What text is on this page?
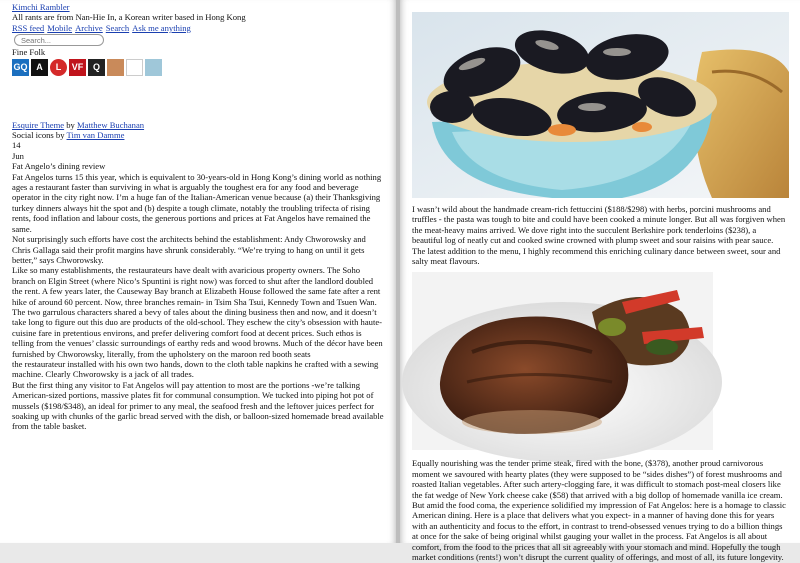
Kimchi Rambler
All rants are from Nan-Hie In, a Korean writer based in Hong Kong
RSS feed Mobile Archive Search Ask me anything
Search...
Fine Folk
GQ A	L	VF	Q
Esquire Theme by Matthew Buchanan
Social icons by Tim van Damme
14
Jun
Fat Angelo’s dining review

Fat Angelos turns 15 this year, which is equivalent to 30-years-old in Hong Kong’s dining world as nothing ages a restaurant faster than surviving in what is arguably the toughest era for any food and beverage operator in the city right now. I’m a huge fan of the Italian-American venue because (a) their Thanksgiving turkey dinners always hit the spot and (b) despite a tough climate, notably the troubling trifecta of rising rents, food inflation and labour costs, the generous portions and prices at Fat Angelos have remained the same.

Not surprisingly such efforts have cost the architects behind the establishment: Andy Chworowsky and Chris Gallaga said their profit margins have shrunk considerably. “We’re trying to hang on until it gets better,” says Chworowsky.

Like so many establishments, the restaurateurs have dealt with avaricious property owners. The Soho branch on Elgin Street (where Nico’s Spuntini is right now) was forced to shut after the landlord doubled the rent. A few years later, the Causeway Bay branch at Elizabeth House followed the same fate after a rent hike of around 60 percent. Now, three branches remain- in Tsim Sha Tsui, Kennedy Town and Tsuen Wan.

The two garrulous characters shared a bevy of tales about the dining business then and now, and it doesn’t take long to figure out this duo are products of the old-school. They eschew the city’s obsession with haute-cuisine fare in pretentious environs, and prefer delivering comfort food at decent prices. Such ethos is telling from the venues’ classic surroundings of earthy reds and wood browns. Much of the décor have been furnished by Chworowsky, literally, from the upholstery on the maroon red booth seats

the restaurateur installed with his own two hands, down to the cloth table napkins he crafted with a sewing machine. Clearly Chworowsky is a jack of all trades.

But the first thing any visitor to Fat Angelos will pay attention to most are the portions -we’re talking American-sized portions, massive plates fit for communal consumption. We tucked into piping hot pot of mussels ($198/$348), an ideal for primer to any meal, the seafood fresh and the leftover juices perfect for soaking up with chunks of the garlic bread served with the dish, or balloon-sized homemade bread available from the table basket.

I wasn’t wild about the handmade cream-rich fettuccini ($188/$298) with herbs, porcini mushrooms and truffles - the pasta was tough to bite and could have been cooked a minute longer. But all was forgiven when the meat-heavy mains arrived. We dove right into the succulent Berkshire pork tenderloins ($238), a beautiful log of neatly cut and cooked swine crowned with plump sweet and sour raisins with pear sauce. The latest addition to the menu, I highly recommend this enriching culinary dance between sweet, sour and salty meat flavours.

Equally nourishing was the tender prime steak, fired with the bone, ($378), another proud carnivorous moment we savoured with hearty plates (they were supposed to be “sides dishes”) of forest mushrooms and roasted Italian vegetables. After such artery-clogging fare, it was difficult to stomach post-meal closers like the fat wedge of New York cheese cake ($58) that arrived with a big dollop of homemade vanilla ice cream. But amid the food coma, the experience solidified my impression of Fat Angelos: here is a homage to classic American dining. Here is a place that delivers what you expect- in a manner of having done this for years with an authenticity and focus to the effort, in contrast to trend-obsessed venues trying to do a billion things at once for the sake of being original whilst gauging your wallet in the process. Fat Angelos is all about comfort, from the food to the prices that all sit agreeably with your stomach and mind. Hopefully the tough market conditions (rents!) won’t disrupt the current quality of offerings, and most of all, its future longevity.
